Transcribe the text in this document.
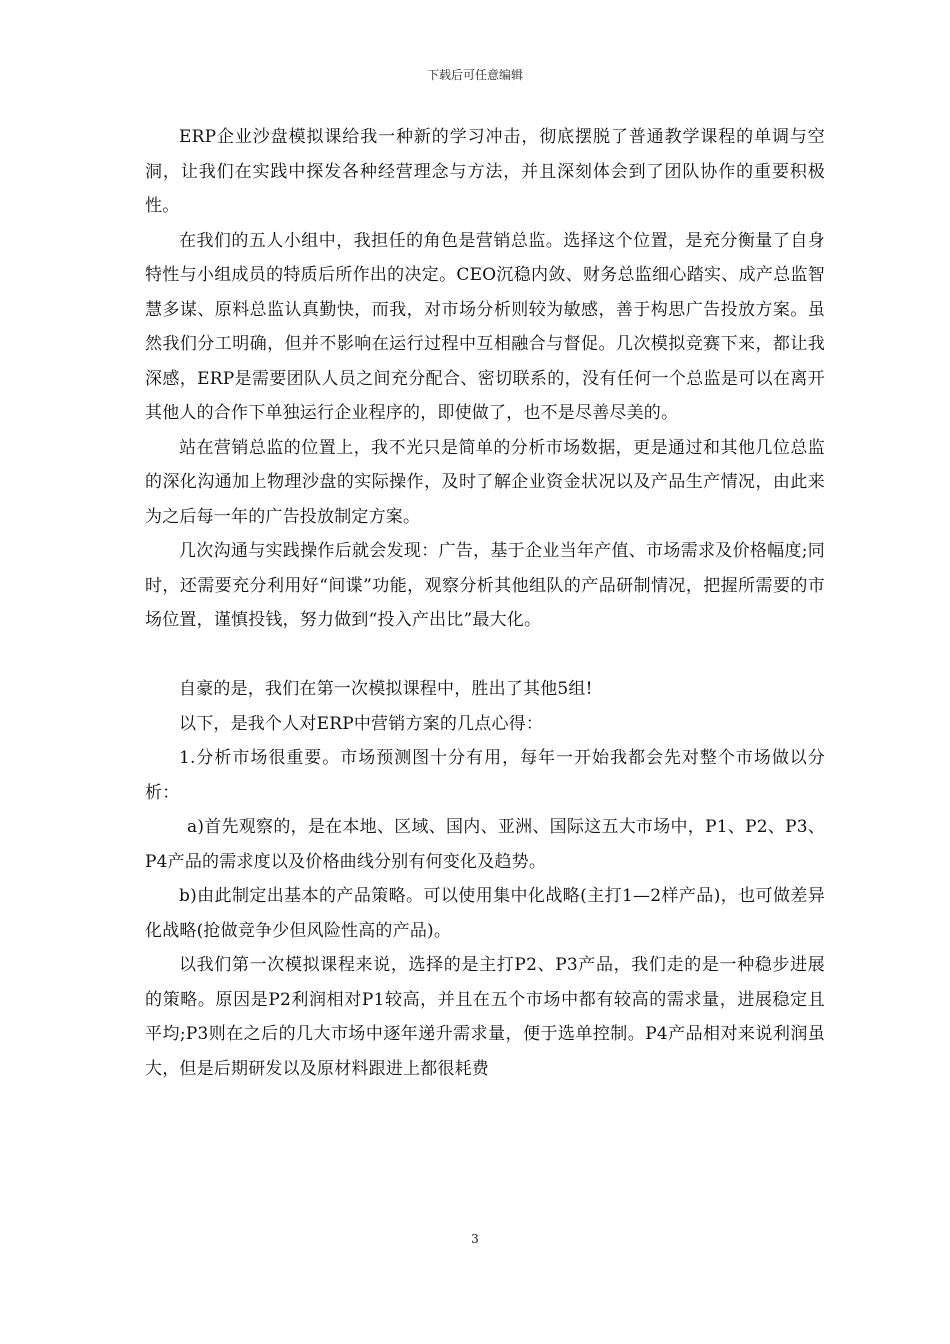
下载后可任意编辑

ERP企业沙盘模拟课给我一种新的学习冲击，彻底摆脱了普通教学课程的单调与空洞，让我们在实践中探发各种经营理念与方法，并且深刻体会到了团队协作的重要积极性。

在我们的五人小组中，我担任的角色是营销总监。选择这个位置，是充分衡量了自身特性与小组成员的特质后所作出的决定。CEO沉稳内敛、财务总监细心踏实、成产总监智慧多谋、原料总监认真勤快，而我，对市场分析则较为敏感，善于构思广告投放方案。虽然我们分工明确，但并不影响在运行过程中互相融合与督促。几次模拟竞赛下来，都让我深感，ERP是需要团队人员之间充分配合、密切联系的，没有任何一个总监是可以在离开其他人的合作下单独运行企业程序的，即使做了，也不是尽善尽美的。

站在营销总监的位置上，我不光只是简单的分析市场数据，更是通过和其他几位总监的深化沟通加上物理沙盘的实际操作，及时了解企业资金状况以及产品生产情况，由此来为之后每一年的广告投放制定方案。

几次沟通与实践操作后就会发现：广告，基于企业当年产值、市场需求及价格幅度;同时，还需要充分利用好“间谍”功能，观察分析其他组队的产品研制情况，把握所需要的市场位置，谨慎投钱，努力做到“投入产出比”最大化。

自豪的是，我们在第一次模拟课程中，胜出了其他5组!

以下，是我个人对ERP中营销方案的几点心得：

1.分析市场很重要。市场预测图十分有用，每年一开始我都会先对整个市场做以分析：

a)首先观察的，是在本地、区域、国内、亚洲、国际这五大市场中，P1、P2、P3、P4产品的需求度以及价格曲线分别有何变化及趋势。

b)由此制定出基本的产品策略。可以使用集中化战略(主打1—2样产品)，也可做差异化战略(抢做竞争少但风险性高的产品)。

以我们第一次模拟课程来说，选择的是主打P2、P3产品，我们走的是一种稳步进展的策略。原因是P2利润相对P1较高，并且在五个市场中都有较高的需求量，进展稳定且平均;P3则在之后的几大市场中逐年递升需求量，便于选单控制。P4产品相对来说利润虽大，但是后期研发以及原材料跟进上都很耗费

3
